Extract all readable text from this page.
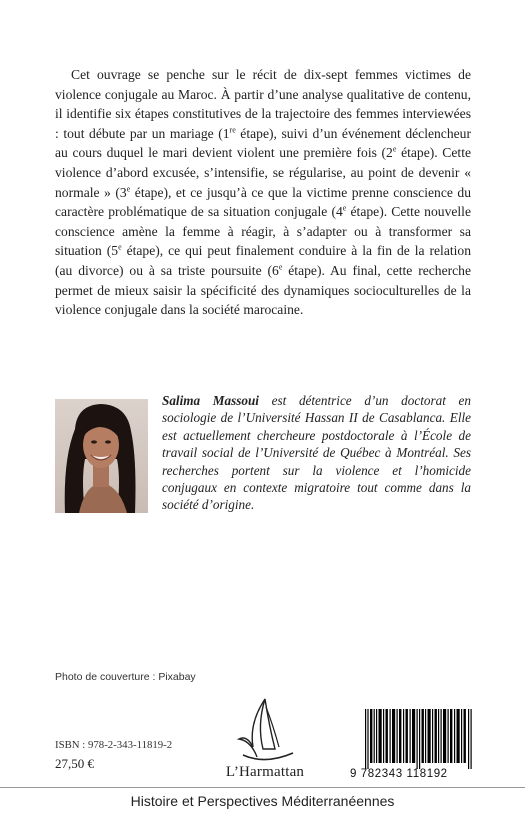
Cet ouvrage se penche sur le récit de dix-sept femmes victimes de violence conjugale au Maroc. À partir d’une analyse qualitative de contenu, il identifie six étapes constitutives de la trajectoire des femmes interviewées : tout débute par un mariage (1re étape), suivi d’un événement déclencheur au cours duquel le mari devient violent une première fois (2e étape). Cette violence d’abord excusée, s’intensifie, se régularise, au point de devenir « normale » (3e étape), et ce jusqu’à ce que la victime prenne conscience du caractère problématique de sa situation conjugale (4e étape). Cette nouvelle conscience amène la femme à réagir, à s’adapter ou à transformer sa situation (5e étape), ce qui peut finalement conduire à la fin de la relation (au divorce) ou à sa triste poursuite (6e étape). Au final, cette recherche permet de mieux saisir la spécificité des dynamiques socioculturelles de la violence conjugale dans la société marocaine.

Salima Massoui est détentrice d’un doctorat en sociologie de l’Université Hassan II de Casablanca. Elle est actuellement chercheure postdoctorale à l’École de travail social de l’Université de Québec à Montréal. Ses recherches portent sur la violence et l’homicide conjugaux en contexte migratoire tout comme dans la société d’origine.

Photo de couverture : Pixabay
ISBN : 978-2-343-11819-2
27,50 €
L’Harmattan	9 782343 118192
Histoire et Perspectives Méditerranéennes
